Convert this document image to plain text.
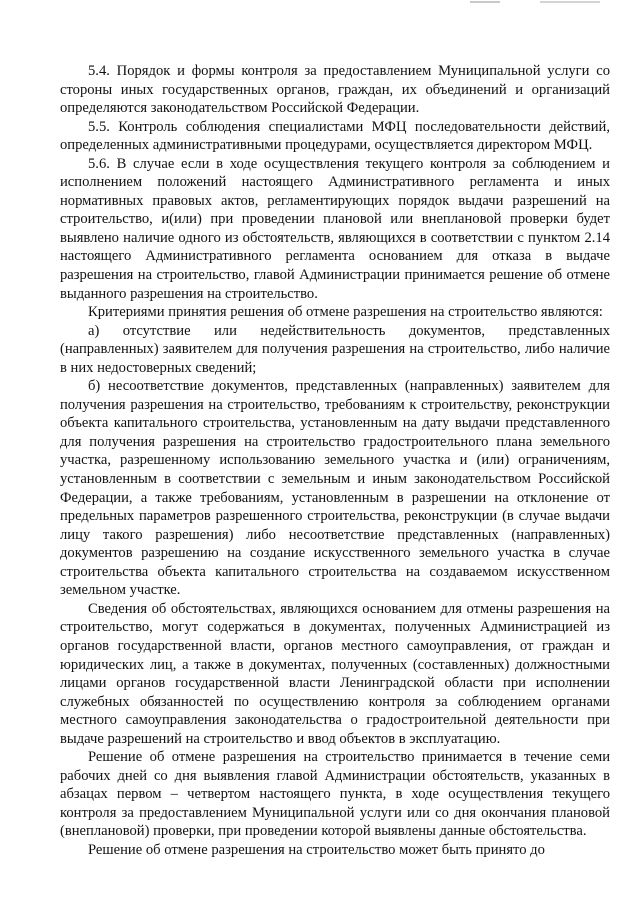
5.4. Порядок и формы контроля за предоставлением Муниципальной услуги со стороны иных государственных органов, граждан, их объединений и организаций определяются законодательством Российской Федерации.

5.5. Контроль соблюдения специалистами МФЦ последовательности действий, определенных административными процедурами, осуществляется директором МФЦ.

5.6. В случае если в ходе осуществления текущего контроля за соблюдением и исполнением положений настоящего Административного регламента и иных нормативных правовых актов, регламентирующих порядок выдачи разрешений на строительство, и(или) при проведении плановой или внеплановой проверки будет выявлено наличие одного из обстоятельств, являющихся в соответствии с пунктом 2.14 настоящего Административного регламента основанием для отказа в выдаче разрешения на строительство, главой Администрации принимается решение об отмене выданного разрешения на строительство.

Критериями принятия решения об отмене разрешения на строительство являются:

а) отсутствие или недействительность документов, представленных (направленных) заявителем для получения разрешения на строительство, либо наличие в них недостоверных сведений;

б) несоответствие документов, представленных (направленных) заявителем для получения разрешения на строительство, требованиям к строительству, реконструкции объекта капитального строительства, установленным на дату выдачи представленного для получения разрешения на строительство градостроительного плана земельного участка, разрешенному использованию земельного участка и (или) ограничениям, установленным в соответствии с земельным и иным законодательством Российской Федерации, а также требованиям, установленным в разрешении на отклонение от предельных параметров разрешенного строительства, реконструкции (в случае выдачи лицу такого разрешения) либо несоответствие представленных (направленных) документов разрешению на создание искусственного земельного участка в случае строительства объекта капитального строительства на создаваемом искусственном земельном участке.

Сведения об обстоятельствах, являющихся основанием для отмены разрешения на строительство, могут содержаться в документах, полученных Администрацией из органов государственной власти, органов местного самоуправления, от граждан и юридических лиц, а также в документах, полученных (составленных) должностными лицами органов государственной власти Ленинградской области при исполнении служебных обязанностей по осуществлению контроля за соблюдением органами местного самоуправления законодательства о градостроительной деятельности при выдаче разрешений на строительство и ввод объектов в эксплуатацию.

Решение об отмене разрешения на строительство принимается в течение семи рабочих дней со дня выявления главой Администрации обстоятельств, указанных в абзацах первом – четвертом настоящего пункта, в ходе осуществления текущего контроля за предоставлением Муниципальной услуги или со дня окончания плановой (внеплановой) проверки, при проведении которой выявлены данные обстоятельства.

Решение об отмене разрешения на строительство может быть принято до
